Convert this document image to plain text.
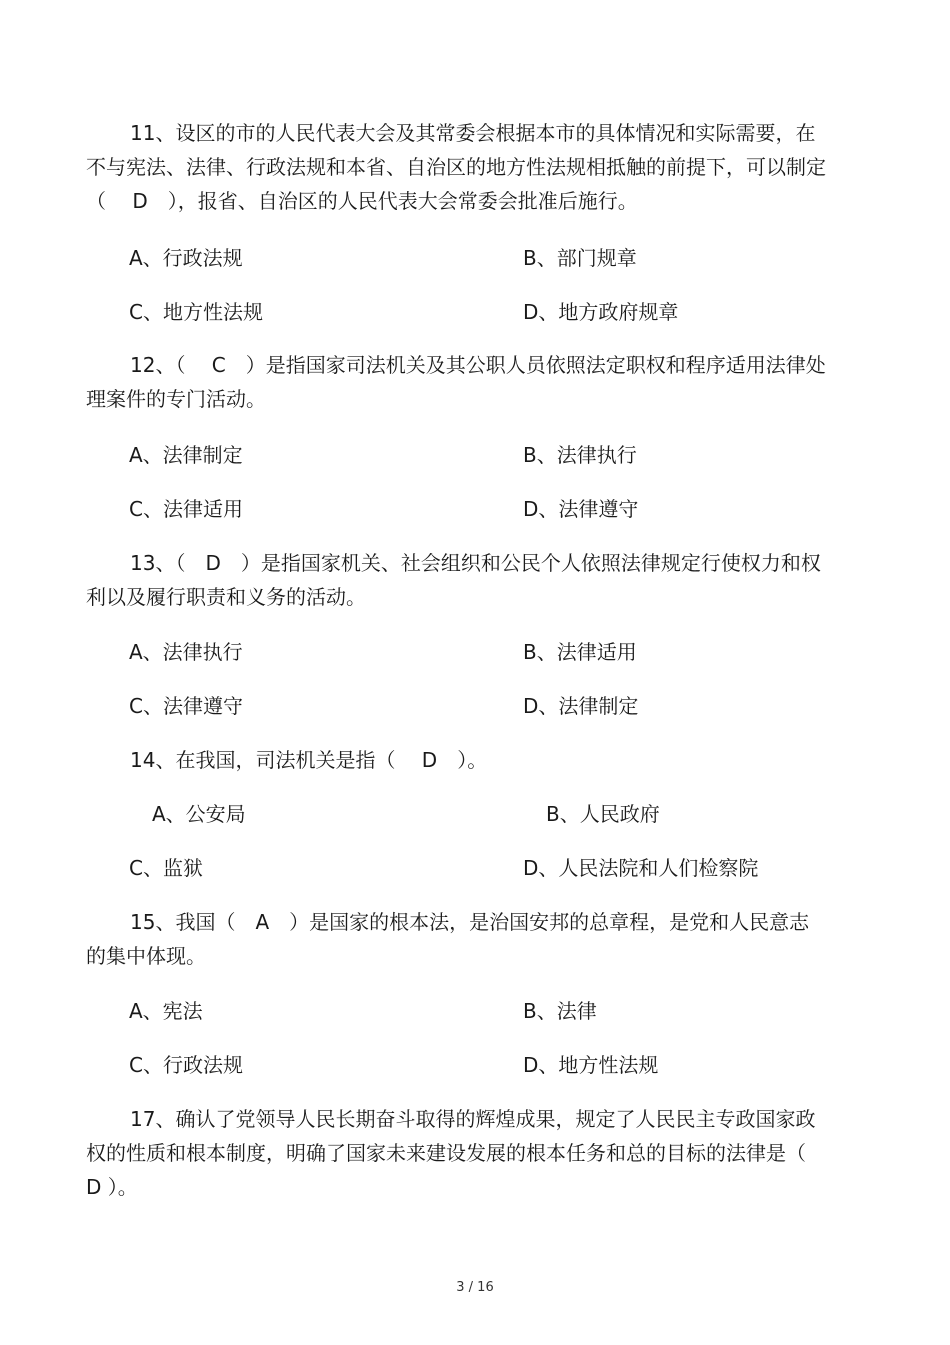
11、设区的市的人民代表大会及其常委会根据本市的具体情况和实际需要，在不与宪法、法律、行政法规和本省、自治区的地方性法规相抵触的前提下，可以制定（　 D　），报省、自治区的人民代表大会常委会批准后施行。

A、行政法规	B、部门规章
C、地方性法规	D、地方政府规章

12、（　 C　）是指国家司法机关及其公职人员依照法定职权和程序适用法律处理案件的专门活动。

A、法律制定	B、法律执行
C、法律适用	D、法律遵守

13、（　D　）是指国家机关、社会组织和公民个人依照法律规定行使权力和权利以及履行职责和义务的活动。

A、法律执行	B、法律适用
C、法律遵守	D、法律制定

14、在我国，司法机关是指（　 D　）。

A、公安局	B、人民政府
C、监狱	D、人民法院和人们检察院

15、我国（　A　）是国家的根本法，是治国安邦的总章程，是党和人民意志的集中体现。

A、宪法	B、法律
C、行政法规	D、地方性法规

17、确认了党领导人民长期奋斗取得的辉煌成果，规定了人民民主专政国家政权的性质和根本制度，明确了国家未来建设发展的根本任务和总的目标的法律是（ D ）。

3 / 16
